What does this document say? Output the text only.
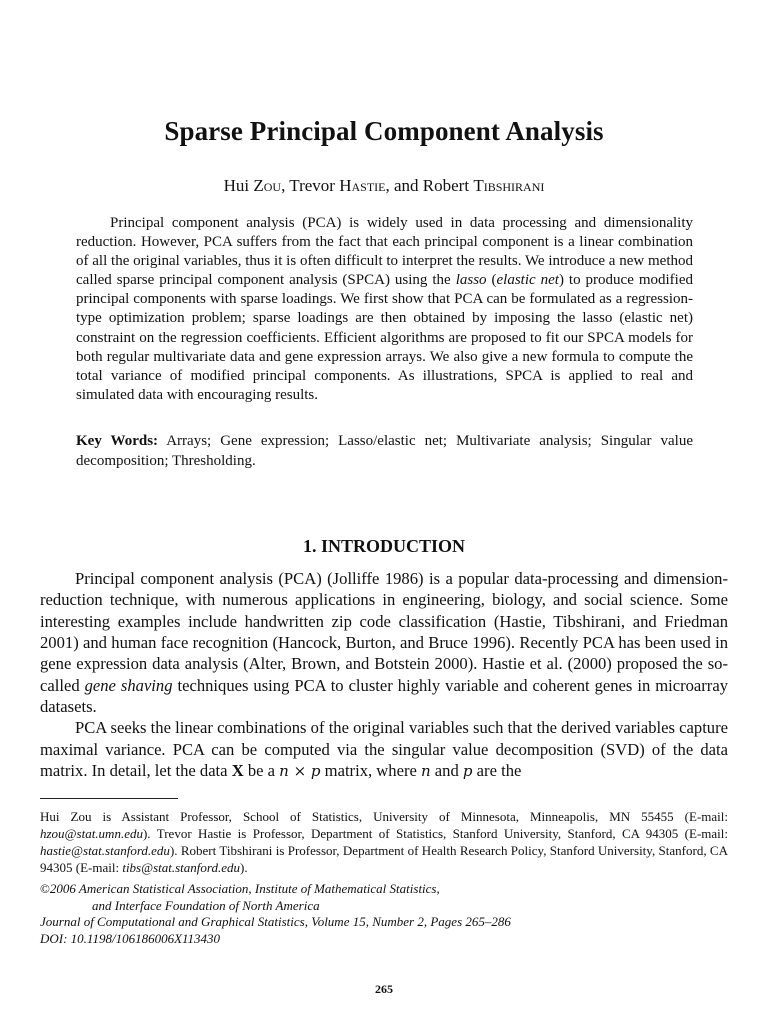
Sparse Principal Component Analysis
Hui Zou, Trevor Hastie, and Robert Tibshirani
Principal component analysis (PCA) is widely used in data processing and dimensionality reduction. However, PCA suffers from the fact that each principal component is a linear combination of all the original variables, thus it is often difficult to interpret the results. We introduce a new method called sparse principal component analysis (SPCA) using the lasso (elastic net) to produce modified principal components with sparse loadings. We first show that PCA can be formulated as a regression-type optimization problem; sparse loadings are then obtained by imposing the lasso (elastic net) constraint on the regression coefficients. Efficient algorithms are proposed to fit our SPCA models for both regular multivariate data and gene expression arrays. We also give a new formula to compute the total variance of modified principal components. As illustrations, SPCA is applied to real and simulated data with encouraging results.
Key Words: Arrays; Gene expression; Lasso/elastic net; Multivariate analysis; Singular value decomposition; Thresholding.
1. INTRODUCTION

Principal component analysis (PCA) (Jolliffe 1986) is a popular data-processing and dimension-reduction technique, with numerous applications in engineering, biology, and social science. Some interesting examples include handwritten zip code classification (Hastie, Tibshirani, and Friedman 2001) and human face recognition (Hancock, Burton, and Bruce 1996). Recently PCA has been used in gene expression data analysis (Alter, Brown, and Botstein 2000). Hastie et al. (2000) proposed the so-called gene shaving techniques using PCA to cluster highly variable and coherent genes in microarray datasets.

PCA seeks the linear combinations of the original variables such that the derived variables capture maximal variance. PCA can be computed via the singular value decomposition (SVD) of the data matrix. In detail, let the data X be a n × p matrix, where n and p are the

Hui Zou is Assistant Professor, School of Statistics, University of Minnesota, Minneapolis, MN 55455 (E-mail: hzou@stat.umn.edu). Trevor Hastie is Professor, Department of Statistics, Stanford University, Stanford, CA 94305 (E-mail: hastie@stat.stanford.edu). Robert Tibshirani is Professor, Department of Health Research Policy, Stanford University, Stanford, CA 94305 (E-mail: tibs@stat.stanford.edu).
©2006 American Statistical Association, Institute of Mathematical Statistics,
and Interface Foundation of North America
Journal of Computational and Graphical Statistics, Volume 15, Number 2, Pages 265–286
DOI: 10.1198/106186006X113430
265
